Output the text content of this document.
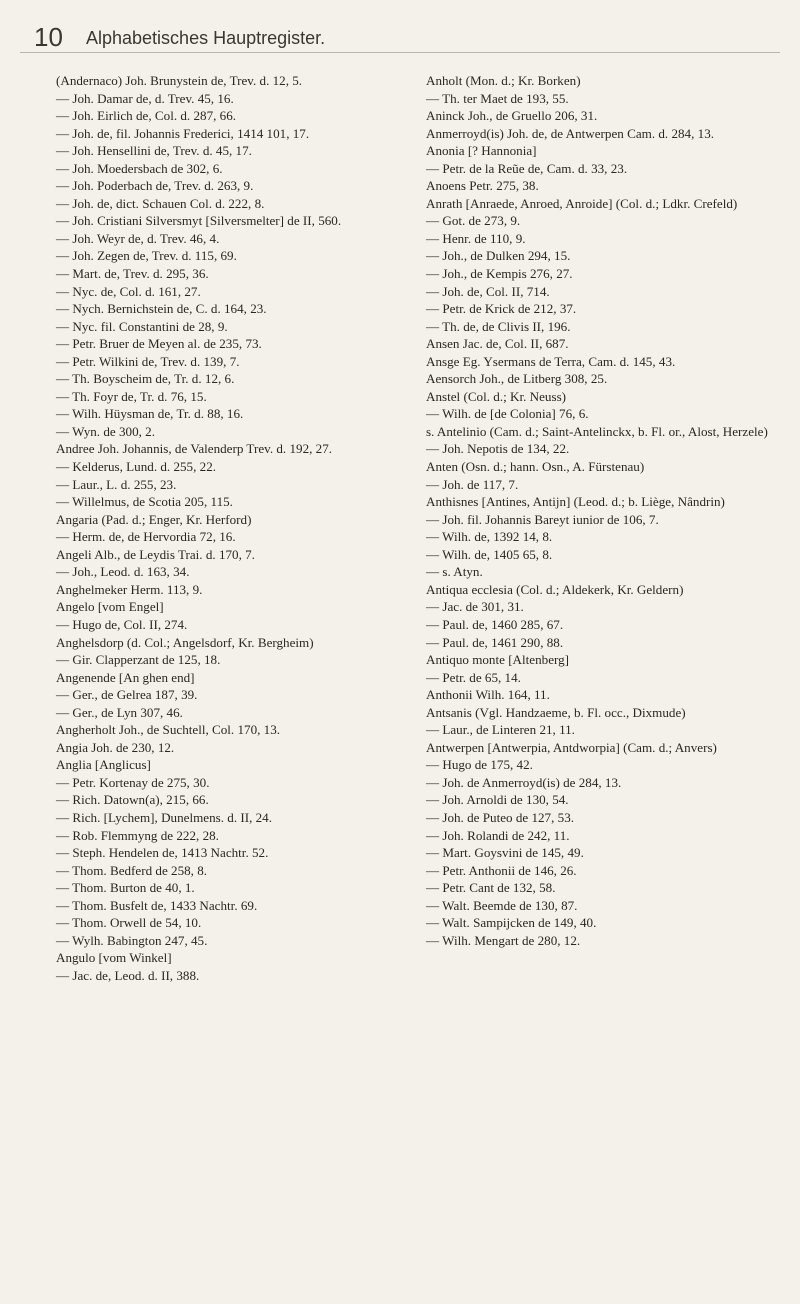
10 Alphabetisches Hauptregister.

(Andernaco) Joh. Brunystein de, Trev. d. 12, 5.

— Joh. Damar de, d. Trev. 45, 16.

— Joh. Eirlich de, Col. d. 287, 66.

— Joh. de, fil. Johannis Frederici, 1414 101, 17.

— Joh. Hensellini de, Trev. d. 45, 17.

— Joh. Moedersbach de 302, 6.

— Joh. Poderbach de, Trev. d. 263, 9.

— Joh. de, dict. Schauen Col. d. 222, 8.

— Joh. Cristiani Silversmyt [Silversmelter] de II, 560.

— Joh. Weyr de, d. Trev. 46, 4.

— Joh. Zegen de, Trev. d. 115, 69.

— Mart. de, Trev. d. 295, 36.

— Nyc. de, Col. d. 161, 27.

— Nych. Bernichstein de, C. d. 164, 23.

— Nyc. fil. Constantini de 28, 9.

— Petr. Bruer de Meyen al. de 235, 73.

— Petr. Wilkini de, Trev. d. 139, 7.

— Th. Boyscheim de, Tr. d. 12, 6.

— Th. Foyr de, Tr. d. 76, 15.

— Wilh. Hüysman de, Tr. d. 88, 16.

— Wyn. de 300, 2.

Andree Joh. Johannis, de Valenderp Trev. d. 192, 27.

— Kelderus, Lund. d. 255, 22.

— Laur., L. d. 255, 23.

— Willelmus, de Scotia 205, 115.

Angaria (Pad. d.; Enger, Kr. Herford)

— Herm. de, de Hervordia 72, 16.

Angeli Alb., de Leydis Trai. d. 170, 7.

— Joh., Leod. d. 163, 34.

Anghelmeker Herm. 113, 9.

Angelo [vom Engel]

— Hugo de, Col. II, 274.

Anghelsdorp (d. Col.; Angelsdorf, Kr. Bergheim)

— Gir. Clapperzant de 125, 18.

Angenende [An ghen end]

— Ger., de Gelrea 187, 39.

— Ger., de Lyn 307, 46.

Angherholt Joh., de Suchtell, Col. 170, 13.

Angia Joh. de 230, 12.

Anglia [Anglicus]

— Petr. Kortenay de 275, 30.

— Rich. Datown(a), 215, 66.

— Rich. [Lychem], Dunelmens. d. II, 24.

— Rob. Flemmyng de 222, 28.

— Steph. Hendelen de, 1413 Nachtr. 52.

— Thom. Bedferd de 258, 8.

— Thom. Burton de 40, 1.

— Thom. Busfelt de, 1433 Nachtr. 69.

— Thom. Orwell de 54, 10.

— Wylh. Babington 247, 45.

Angulo [vom Winkel]

— Jac. de, Leod. d. II, 388.

Anholt (Mon. d.; Kr. Borken)

— Th. ter Maet de 193, 55.

Aninck Joh., de Gruello 206, 31.

Anmerroyd(is) Joh. de, de Antwerpen Cam. d. 284, 13.

Anonia [? Hannonia]

— Petr. de la Reũe de, Cam. d. 33, 23.

Anoens Petr. 275, 38.

Anrath [Anraede, Anroed, Anroide] (Col. d.; Ldkr. Crefeld)

— Got. de 273, 9.

— Henr. de 110, 9.

— Joh., de Dulken 294, 15.

— Joh., de Kempis 276, 27.

— Joh. de, Col. II, 714.

— Petr. de Krick de 212, 37.

— Th. de, de Clivis II, 196.

Ansen Jac. de, Col. II, 687.

Ansge Eg. Ysermans de Terra, Cam. d. 145, 43.

Aensorch Joh., de Litberg 308, 25.

Anstel (Col. d.; Kr. Neuss)

— Wilh. de [de Colonia] 76, 6.

s. Antelinio (Cam. d.; Saint-Antelinckx, b. Fl. or., Alost, Herzele)

— Joh. Nepotis de 134, 22.

Anten (Osn. d.; hann. Osn., A. Fürstenau)

— Joh. de 117, 7.

Anthisnes [Antines, Antijn] (Leod. d.; b. Liège, Nândrin)

— Joh. fil. Johannis Bareyt iunior de 106, 7.

— Wilh. de, 1392 14, 8.

— Wilh. de, 1405 65, 8.

— s. Atyn.

Antiqua ecclesia (Col. d.; Aldekerk, Kr. Geldern)

— Jac. de 301, 31.

— Paul. de, 1460 285, 67.

— Paul. de, 1461 290, 88.

Antiquo monte [Altenberg]

— Petr. de 65, 14.

Anthonii Wilh. 164, 11.

Antsanis (Vgl. Handzaeme, b. Fl. occ., Dixmude)

— Laur., de Linteren 21, 11.

Antwerpen [Antwerpia, Antdworpia] (Cam. d.; Anvers)

— Hugo de 175, 42.

— Joh. de Anmerroyd(is) de 284, 13.

— Joh. Arnoldi de 130, 54.

— Joh. de Puteo de 127, 53.

— Joh. Rolandi de 242, 11.

— Mart. Goysvini de 145, 49.

— Petr. Anthonii de 146, 26.

— Petr. Cant de 132, 58.

— Walt. Beemde de 130, 87.

— Walt. Sampijcken de 149, 40.

— Wilh. Mengart de 280, 12.
